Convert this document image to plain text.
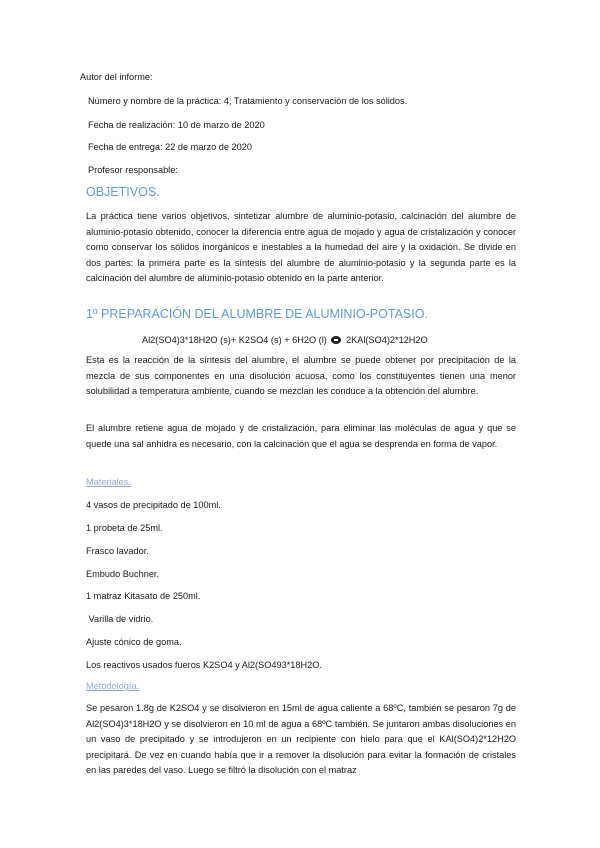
Autor del informe:
Número y nombre de la práctica: 4, Tratamiento y conservación de los sólidos.
Fecha de realización: 10 de marzo de 2020
Fecha de entrega: 22 de marzo de 2020
Profesor responsable:
OBJETIVOS.
La práctica tiene varios objetivos, sintetizar alumbre de aluminio-potasio, calcinación del alumbre de aluminio-potasio obtenido, conocer la diferencia entre agua de mojado y agua de cristalización y conocer como conservar los sólidos inorgánicos e inestables a la humedad del aire y la oxidación. Se divide en dos partes: la primera parte es la síntesis del alumbre de aluminio-potasio y la segunda parte es la calcinación del alumbre de aluminio-potasio obtenido en la parte anterior.
1º PREPARACIÓN DEL ALUMBRE DE ALUMINIO-POTASIO.
Al2(SO4)3*18H2O (s)+ K2SO4 (s) + 6H2O (l) 2KAl(SO4)2*12H2O
Esta es la reacción de la síntesis del alumbre, el alumbre se puede obtener por precipitación de la mezcla de sus componentes en una disolución acuosa, como los constituyentes tienen una menor solubilidad a temperatura ambiente, cuando se mezclan les conduce a la obtención del alumbre.
El alumbre retiene agua de mojado y de cristalización, para eliminar las moléculas de agua y que se quede una sal anhidra es necesario, con la calcinación que el agua se desprenda en forma de vapor.
Materiales.
4 vasos de precipitado de 100ml.
1 probeta de 25ml.
Frasco lavador.
Embudo Buchner.
1 matraz Kitasato de 250ml.
Varilla de vidrio.
Ajuste cónico de goma.
Los reactivos usados fueros K2SO4 y Al2(SO493*18H2O.
Metodología.
Se pesaron 1.8g de K2SO4 y se disolvieron en 15ml de agua caliente a 68ºC, también se pesaron 7g de Al2(SO4)3*18H2O y se disolvieron en 10 ml de agua a 68ºC también. Se juntaron ambas disoluciones en un vaso de precipitado y se introdujeron en un recipiente con hielo para que el KAl(SO4)2*12H2O precipitará. De vez en cuando había que ir a remover la disolución para evitar la formación de cristales en las paredes del vaso. Luego se filtró la disolución con el matraz
